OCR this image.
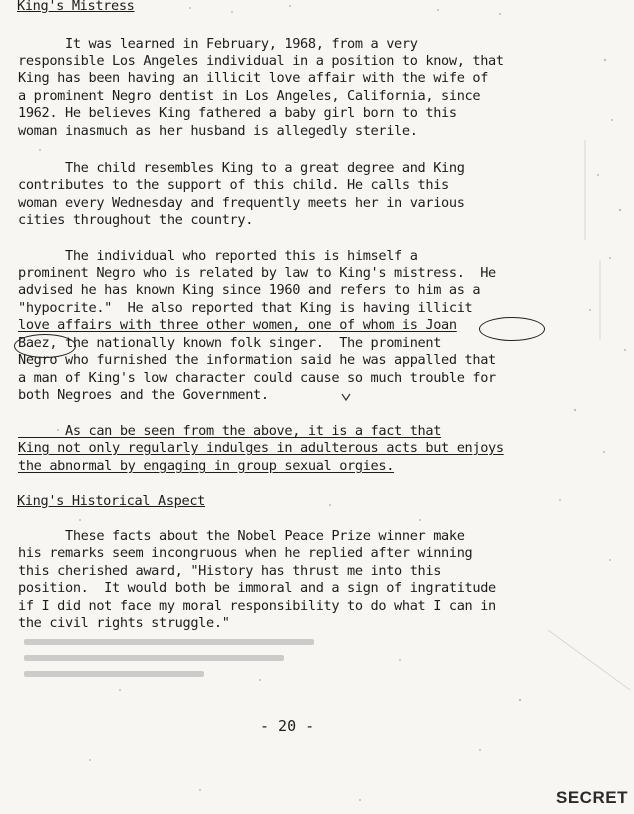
King's Mistress
It was learned in February, 1968, from a very
responsible Los Angeles individual in a position to know, that
King has been having an illicit love affair with the wife of
a prominent Negro dentist in Los Angeles, California, since
1962. He believes King fathered a baby girl born to this
woman inasmuch as her husband is allegedly sterile.
The child resembles King to a great degree and King
contributes to the support of this child. He calls this
woman every Wednesday and frequently meets her in various
cities throughout the country.
The individual who reported this is himself a
prominent Negro who is related by law to King's mistress.  He
advised he has known King since 1960 and refers to him as a
"hypocrite."  He also reported that King is having illicit
love affairs with three other women, one of whom is Joan
Baez, the nationally known folk singer.  The prominent
Negro who furnished the information said he was appalled that
a man of King's low character could cause so much trouble for
both Negroes and the Government.
As can be seen from the above, it is a fact that
King not only regularly indulges in adulterous acts but enjoys
the abnormal by engaging in group sexual orgies.
King's Historical Aspect
These facts about the Nobel Peace Prize winner make
his remarks seem incongruous when he replied after winning
this cherished award, "History has thrust me into this
position.  It would both be immoral and a sign of ingratitude
if I did not face my moral responsibility to do what I can in
the civil rights struggle."
- 20 -
SECRET
